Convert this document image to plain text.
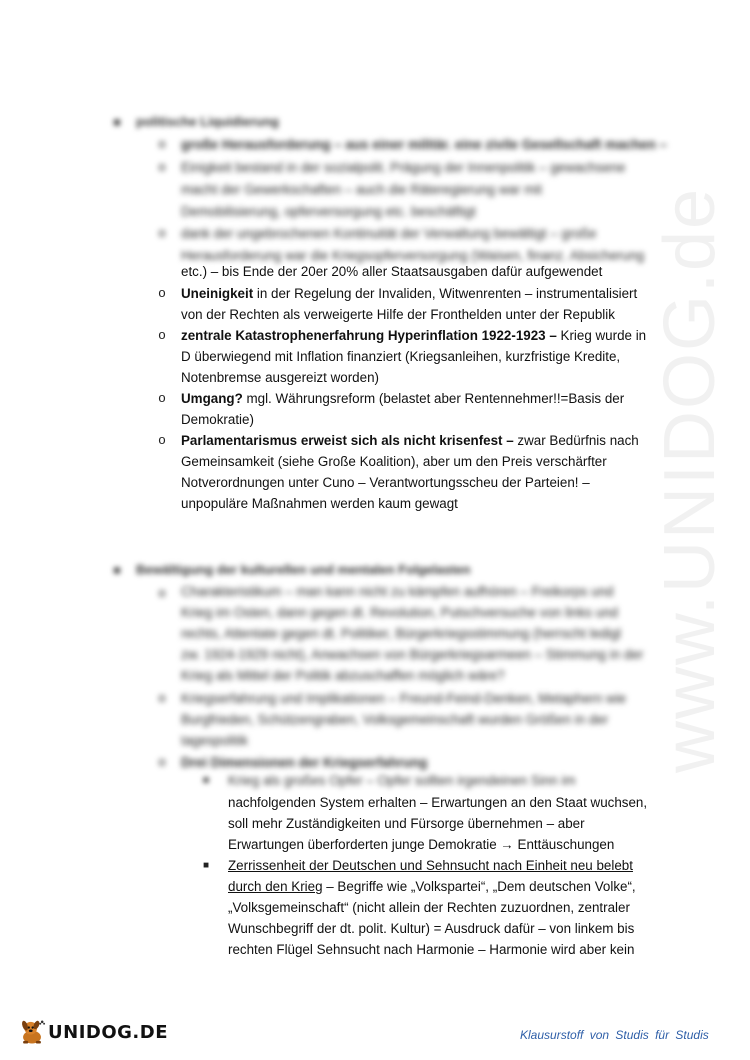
www.UNIDOG.de
■ politische Liquidierung
o große Herausforderung – aus einer militär. eine zivile Gesellschaft machen –
o Einigkeit bestand in der sozialpolit. Prägung der Innenpolitik – gewachsene
macht der Gewerkschaften – auch die Räteregierung war mit
Demobilisierung, opferversorgung etc. beschäftigt
o dank der ungebrochenen Kontinuität der Verwaltung bewältigt – große
Herausforderung war die Kriegsopferversorgung (Waisen, finanz. Absicherung
etc.) – bis Ende der 20er 20% aller Staatsausgaben dafür aufgewendet
o Uneinigkeit in der Regelung der Invaliden, Witwenrenten – instrumentalisiert
von der Rechten als verweigerte Hilfe der Fronthelden unter der Republik
o zentrale Katastrophenerfahrung Hyperinflation 1922-1923 – Krieg wurde in
D überwiegend mit Inflation finanziert (Kriegsanleihen, kurzfristige Kredite,
Notenbremse ausgereizt worden)
o Umgang? mgl. Währungsreform (belastet aber Rentennehmer!!=Basis der
Demokratie)
o Parlamentarismus erweist sich als nicht krisenfest – zwar Bedürfnis nach
Gemeinsamkeit (siehe Große Koalition), aber um den Preis verschärfter
Notverordnungen unter Cuno – Verantwortungsscheu der Parteien! –
unpopuläre Maßnahmen werden kaum gewagt
■ Bewältigung der kulturellen und mentalen Folgelasten
o Charakteristikum – man kann nicht zu kämpfen aufhören – Freikorps und
Krieg im Osten, dann gegen dt. Revolution, Putschversuche von links und
rechts, Attentate gegen dt. Politiker, Bürgerkriegsstimmung (herrscht ledigl
zw. 1924-1929 nicht), Anwachsen von Bürgerkriegsarmeen – Stimmung in der
Krieg als Mittel der Politik abzuschaffen möglich wäre?
o Kriegserfahrung und Implikationen – Freund-Feind-Denken, Metaphern wie
Burgfrieden, Schützengraben, Volksgemeinschaft wurden Größen in der
tagespolitik
o Drei Dimensionen der Kriegserfahrung
■ Krieg als großes Opfer – Opfer sollten irgendeinen Sinn im
nachfolgenden System erhalten – Erwartungen an den Staat wuchsen,
soll mehr Zuständigkeiten und Fürsorge übernehmen – aber
Erwartungen überforderten junge Demokratie → Enttäuschungen
■ Zerrissenheit der Deutschen und Sehnsucht nach Einheit neu belebt
durch den Krieg – Begriffe wie „Volkspartei“, „Dem deutschen Volke“,
„Volksgemeinschaft“ (nicht allein der Rechten zuzuordnen, zentraler
Wunschbegriff der dt. polit. Kultur) = Ausdruck dafür – von linkem bis
rechten Flügel Sehnsucht nach Harmonie – Harmonie wird aber kein
UNIDOG.DE	Klausurstoff von Studis für Studis
